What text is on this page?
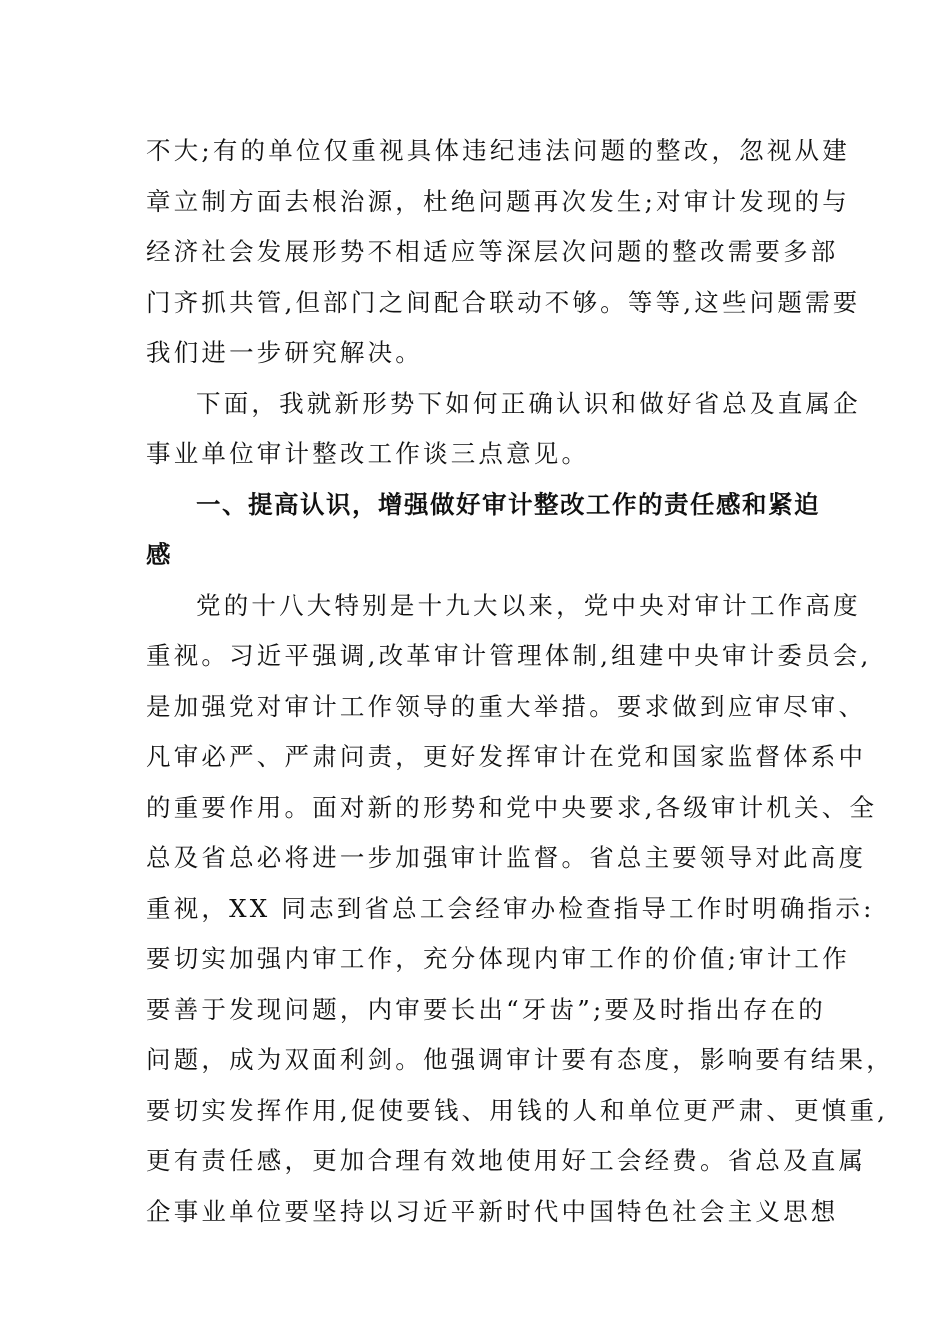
不大;有的单位仅重视具体违纪违法问题的整改，忽视从建
章立制方面去根治源，杜绝问题再次发生;对审计发现的与
经济社会发展形势不相适应等深层次问题的整改需要多部
门齐抓共管,但部门之间配合联动不够。等等,这些问题需要
我们进一步研究解决。
下面，我就新形势下如何正确认识和做好省总及直属企
事业单位审计整改工作谈三点意见。
一、提高认识，增强做好审计整改工作的责任感和紧迫
感
党的十八大特别是十九大以来，党中央对审计工作高度
重视。习近平强调,改革审计管理体制,组建中央审计委员会,
是加强党对审计工作领导的重大举措。要求做到应审尽审、
凡审必严、严肃问责，更好发挥审计在党和国家监督体系中
的重要作用。面对新的形势和党中央要求,各级审计机关、全
总及省总必将进一步加强审计监督。省总主要领导对此高度
重视，XX 同志到省总工会经审办检查指导工作时明确指示:
要切实加强内审工作，充分体现内审工作的价值;审计工作
要善于发现问题，内审要长出“牙齿”;要及时指出存在的
问题，成为双面利剑。他强调审计要有态度，影响要有结果，
要切实发挥作用,促使要钱、用钱的人和单位更严肃、更慎重,
更有责任感，更加合理有效地使用好工会经费。省总及直属
企事业单位要坚持以习近平新时代中国特色社会主义思想
